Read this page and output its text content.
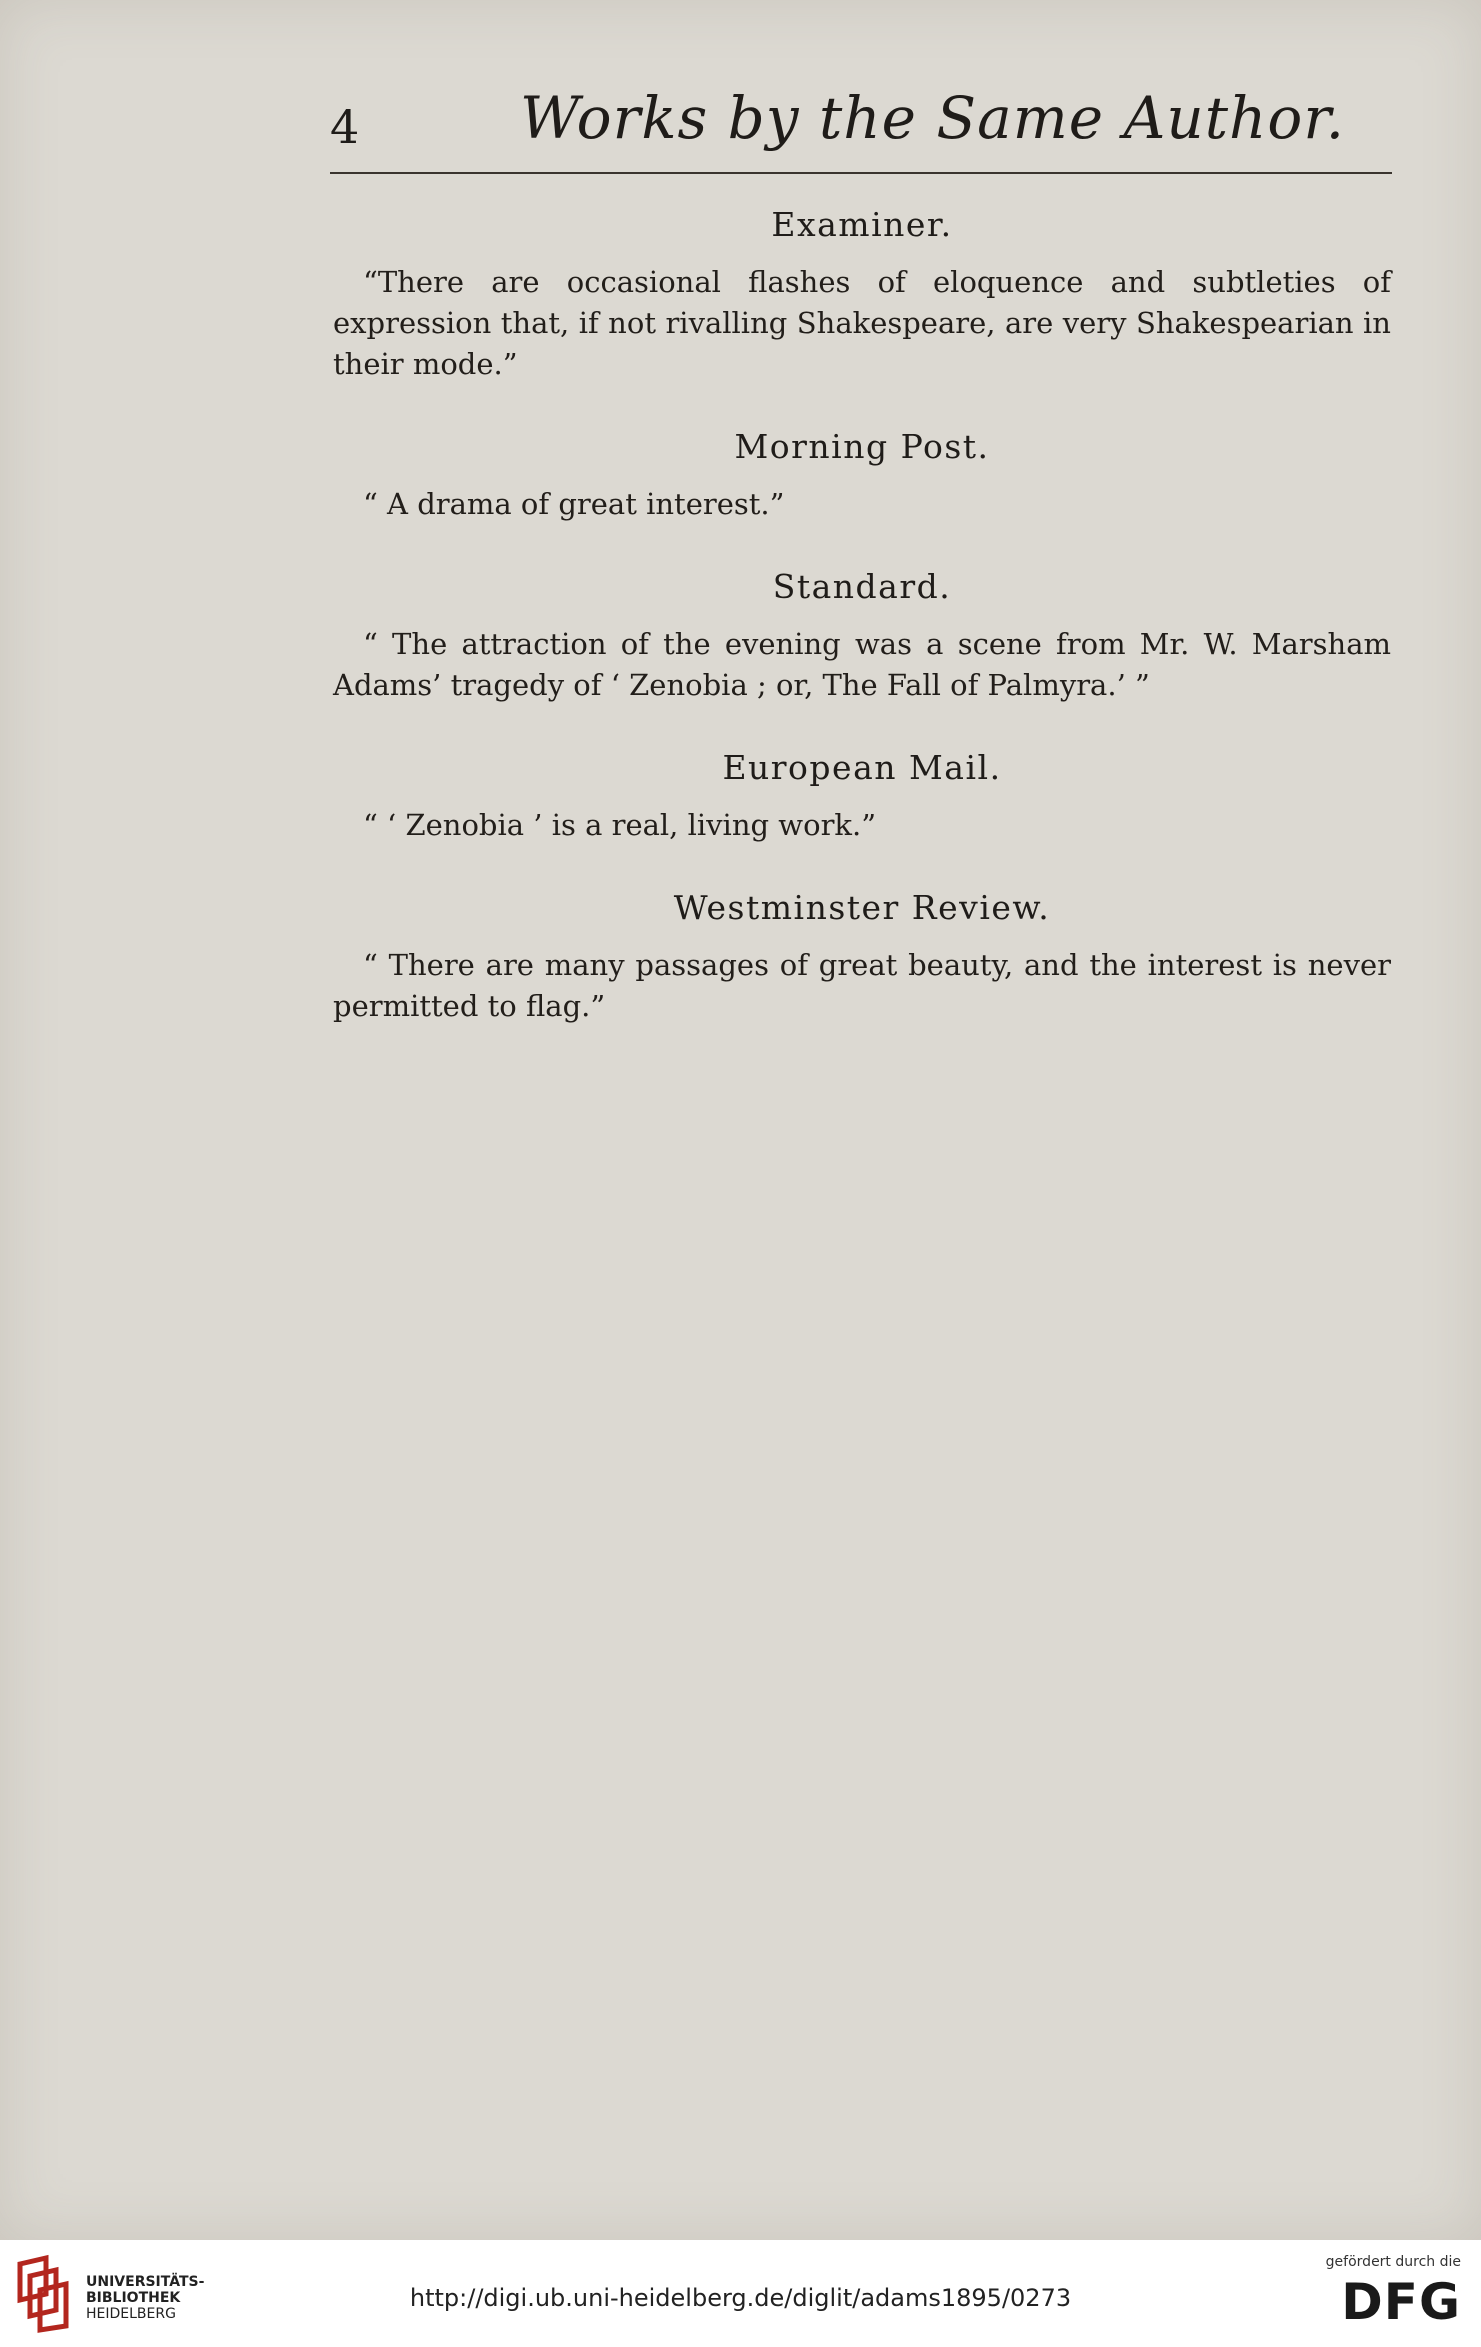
4	Works by the Same Author.

Examiner.

“There are occasional flashes of eloquence and subtleties of expression that, if not rivalling Shakespeare, are very Shakespearian in their mode.”

Morning Post.

“ A drama of great interest.”

Standard.

“ The attraction of the evening was a scene from Mr. W. Marsham Adams’ tragedy of ‘ Zenobia ; or, The Fall of Palmyra.’ ”

European Mail.

“ ‘ Zenobia ’ is a real, living work.”

Westminster Review.

“ There are many passages of great beauty, and the interest is never permitted to flag.”

UNIVERSITÄTS-
BIBLIOTHEK
HEIDELBERG
http://digi.ub.uni-heidelberg.de/diglit/adams1895/0273
gefördert durch die
DFG
